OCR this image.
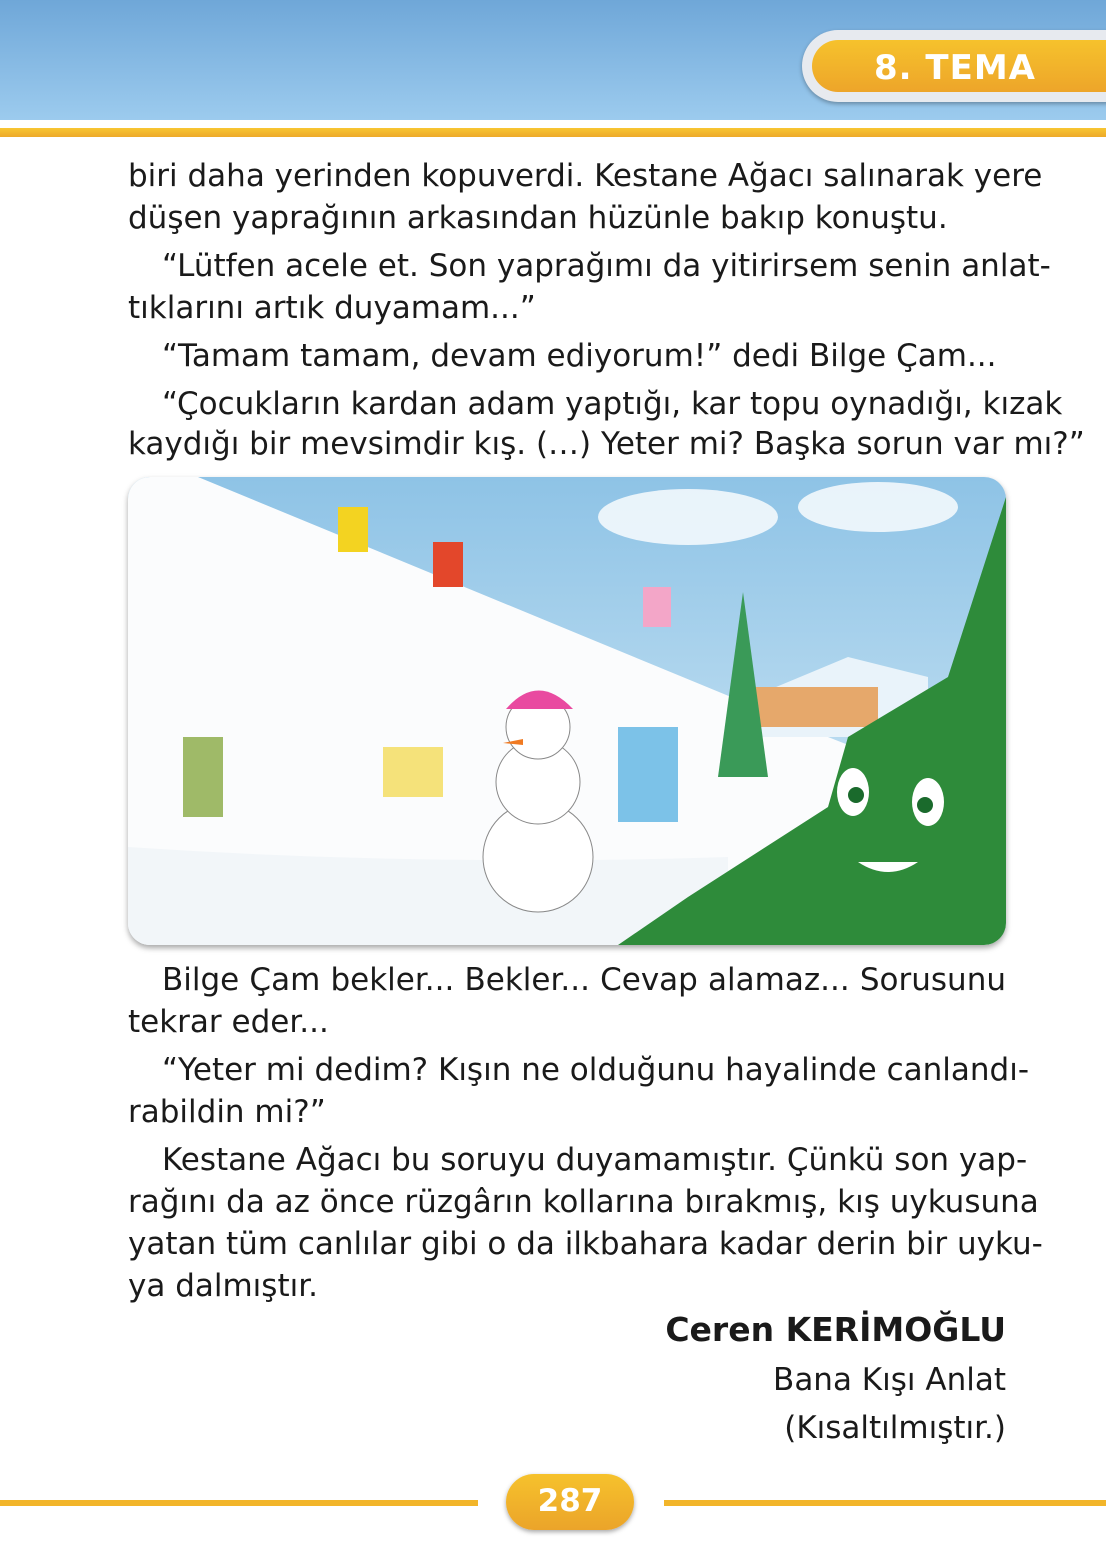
8. TEMA
biri daha yerinden kopuverdi. Kestane Ağacı salınarak yere
düşen yaprağının arkasından hüzünle bakıp konuştu.
“Lütfen acele et. Son yaprağımı da yitirirsem senin anlat-
tıklarını artık duyamam...”
“Tamam tamam, devam ediyorum!” dedi Bilge Çam...
“Çocukların kardan adam yaptığı, kar topu oynadığı, kızak
kaydığı bir mevsimdir kış. (…) Yeter mi? Başka sorun var mı?”
Bilge Çam bekler... Bekler... Cevap alamaz... Sorusunu
tekrar eder...
“Yeter mi dedim? Kışın ne olduğunu hayalinde canlandı-
rabildin mi?”
Kestane Ağacı bu soruyu duyamamıştır. Çünkü son yap-
rağını da az önce rüzgârın kollarına bırakmış, kış uykusuna
yatan tüm canlılar gibi o da ilkbahara kadar derin bir uyku-
ya dalmıştır.
Ceren KERİMOĞLU
Bana Kışı Anlat
(Kısaltılmıştır.)
287
